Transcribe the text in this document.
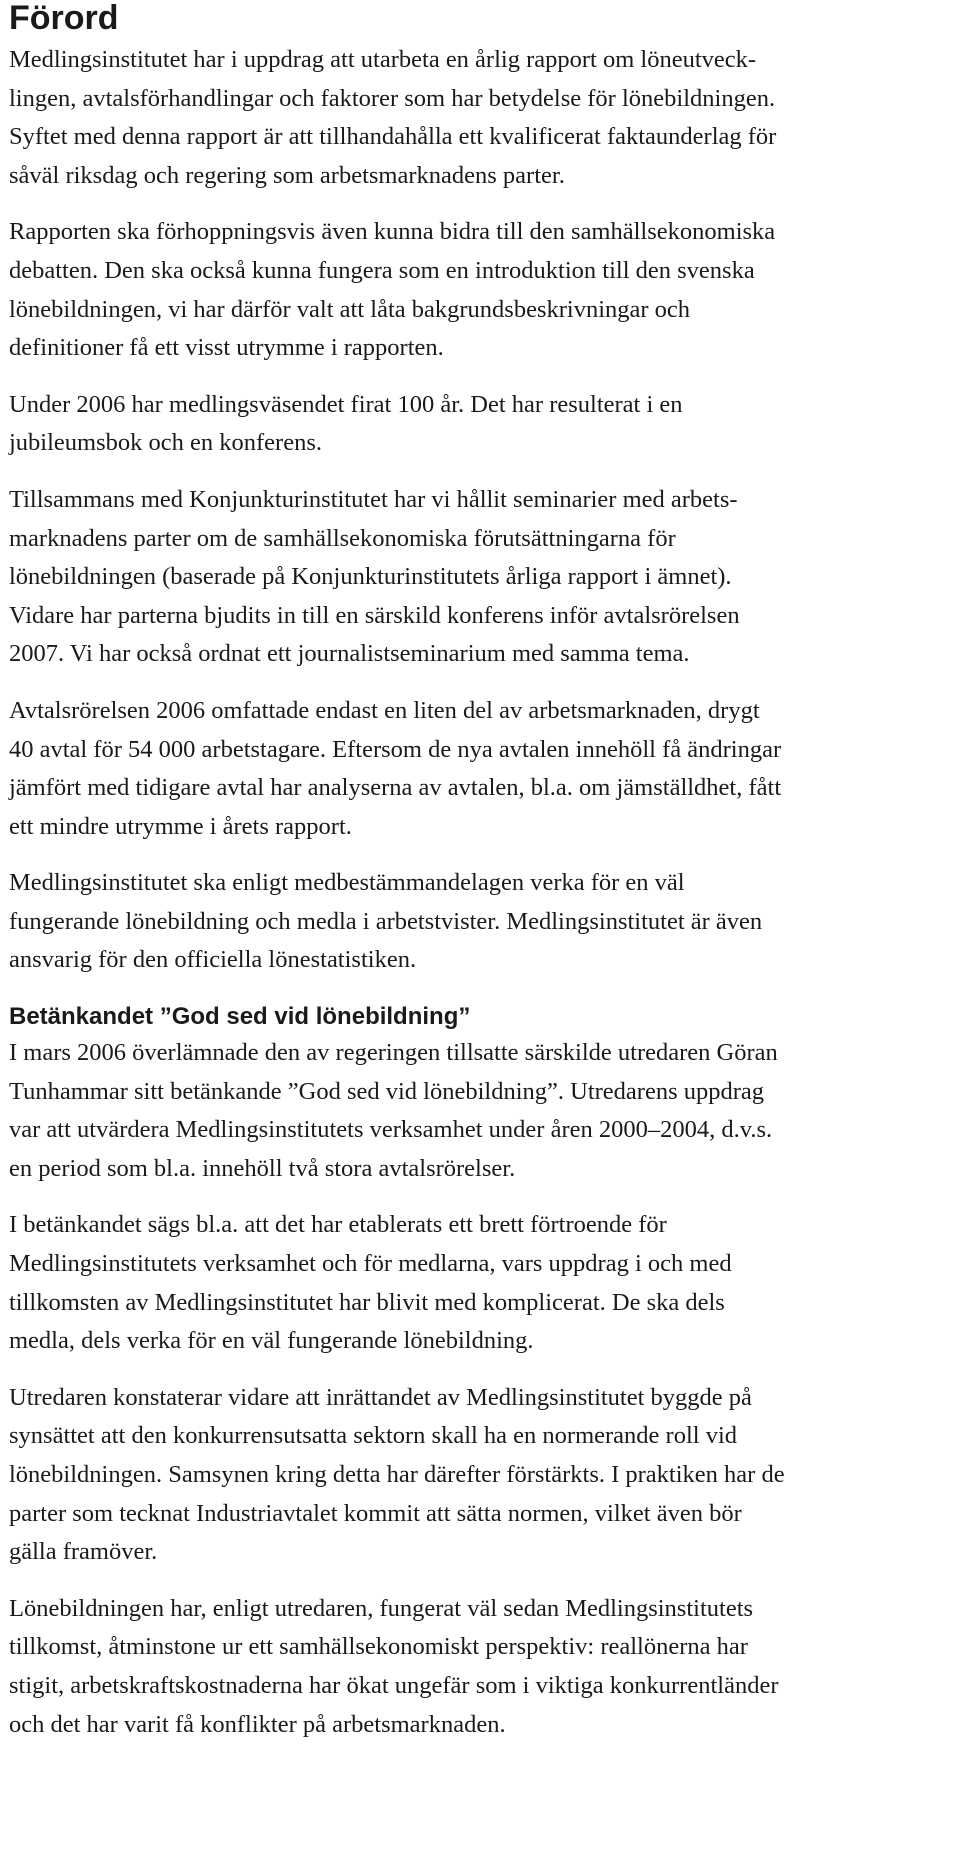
Förord

Medlingsinstitutet har i uppdrag att utarbeta en årlig rapport om löneutveck-
lingen, avtalsförhandlingar och faktorer som har betydelse för lönebildningen.
Syftet med denna rapport är att tillhandahålla ett kvalificerat faktaunderlag för
såväl riksdag och regering som arbetsmarknadens parter.

Rapporten ska förhoppningsvis även kunna bidra till den samhällsekonomiska
debatten. Den ska också kunna fungera som en introduktion till den svenska
lönebildningen, vi har därför valt att låta bakgrundsbeskrivningar och
definitioner få ett visst utrymme i rapporten.

Under 2006 har medlingsväsendet firat 100 år. Det har resulterat i en
jubileumsbok och en konferens.

Tillsammans med Konjunkturinstitutet har vi hållit seminarier med arbets-
marknadens parter om de samhällsekonomiska förutsättningarna för
lönebildningen (baserade på Konjunkturinstitutets årliga rapport i ämnet).
Vidare har parterna bjudits in till en särskild konferens inför avtalsrörelsen
2007. Vi har också ordnat ett journalistseminarium med samma tema.

Avtalsrörelsen 2006 omfattade endast en liten del av arbetsmarknaden, drygt
40 avtal för 54 000 arbetstagare. Eftersom de nya avtalen innehöll få ändringar
jämfört med tidigare avtal har analyserna av avtalen, bl.a. om jämställdhet, fått
ett mindre utrymme i årets rapport.

Medlingsinstitutet ska enligt medbestämmandelagen verka för en väl
fungerande lönebildning och medla i arbetstvister. Medlingsinstitutet är även
ansvarig för den officiella lönestatistiken.

Betänkandet ”God sed vid lönebildning”

I mars 2006 överlämnade den av regeringen tillsatte särskilde utredaren Göran
Tunhammar sitt betänkande ”God sed vid lönebildning”. Utredarens uppdrag
var att utvärdera Medlingsinstitutets verksamhet under åren 2000–2004, d.v.s.
en period som bl.a. innehöll två stora avtalsrörelser.

I betänkandet sägs bl.a. att det har etablerats ett brett förtroende för
Medlingsinstitutets verksamhet och för medlarna, vars uppdrag i och med
tillkomsten av Medlingsinstitutet har blivit med komplicerat. De ska dels
medla, dels verka för en väl fungerande lönebildning.

Utredaren konstaterar vidare att inrättandet av Medlingsinstitutet byggde på
synsättet att den konkurrensutsatta sektorn skall ha en normerande roll vid
lönebildningen. Samsynen kring detta har därefter förstärkts. I praktiken har de
parter som tecknat Industriavtalet kommit att sätta normen, vilket även bör
gälla framöver.

Lönebildningen har, enligt utredaren, fungerat väl sedan Medlingsinstitutets
tillkomst, åtminstone ur ett samhällsekonomiskt perspektiv: reallönerna har
stigit, arbetskraftskostnaderna har ökat ungefär som i viktiga konkurrentländer
och det har varit få konflikter på arbetsmarknaden.
